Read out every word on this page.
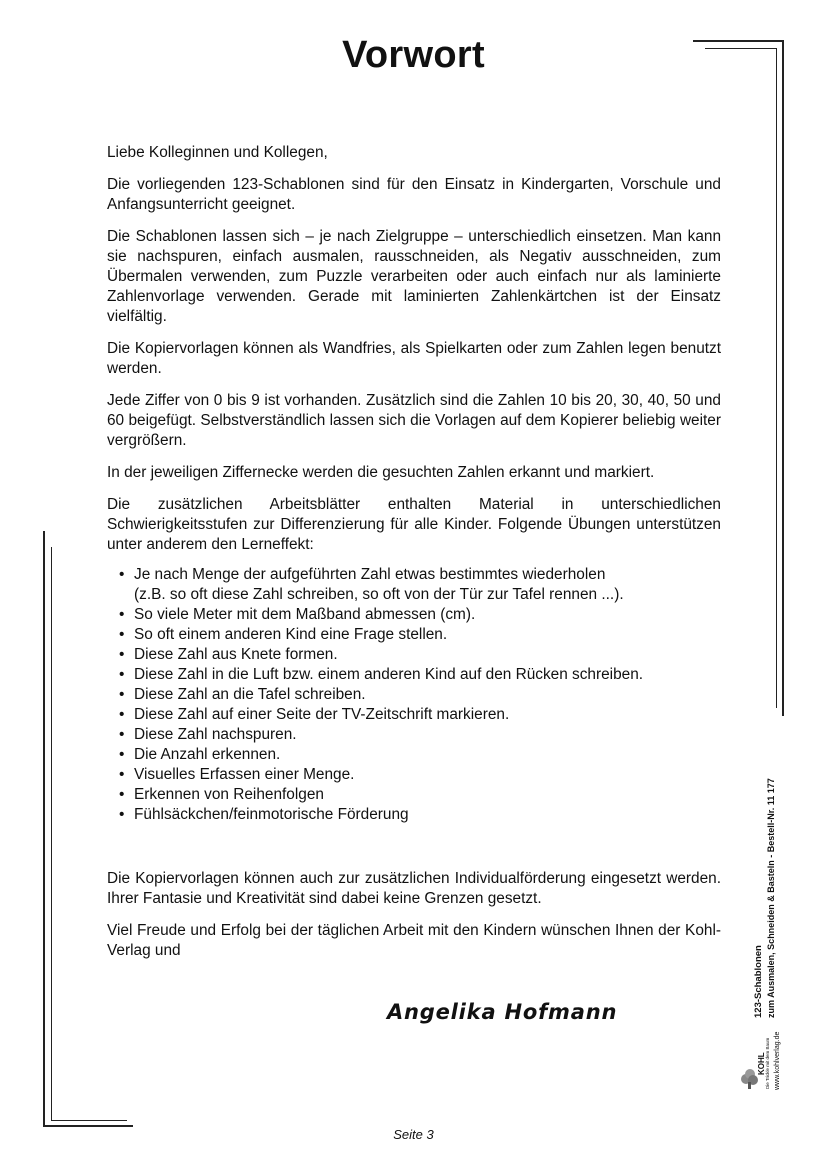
Vorwort

Liebe Kolleginnen und Kollegen,

Die vorliegenden 123-Schablonen sind für den Einsatz in Kindergarten, Vorschule und Anfangsunterricht geeignet.

Die Schablonen lassen sich – je nach Zielgruppe – unterschiedlich einsetzen. Man kann sie nachspuren, einfach ausmalen, rausschneiden, als Negativ ausschneiden, zum Übermalen verwenden, zum Puzzle verarbeiten oder auch einfach nur als laminierte Zahlenvorlage verwenden. Gerade mit laminierten Zahlenkärtchen ist der Einsatz vielfältig.

Die Kopiervorlagen können als Wandfries, als Spielkarten oder zum Zahlen legen benutzt werden.

Jede Ziffer von 0 bis 9 ist vorhanden. Zusätzlich sind die Zahlen 10 bis 20, 30, 40, 50 und 60 beigefügt. Selbstverständlich lassen sich die Vorlagen auf dem Kopierer beliebig weiter vergrößern.

In der jeweiligen Ziffernecke werden die gesuchten Zahlen erkannt und markiert.

Die zusätzlichen Arbeitsblätter enthalten Material in unterschiedlichen Schwierigkeitsstufen zur Differenzierung für alle Kinder. Folgende Übungen unterstützen unter anderem den Lerneffekt:

• Je nach Menge der aufgeführten Zahl etwas bestimmtes wiederholen
(z.B. so oft diese Zahl schreiben, so oft von der Tür zur Tafel rennen ...).
• So viele Meter mit dem Maßband abmessen (cm).
• So oft einem anderen Kind eine Frage stellen.
• Diese Zahl aus Knete formen.
• Diese Zahl in die Luft bzw. einem anderen Kind auf den Rücken schreiben.
• Diese Zahl an die Tafel schreiben.
• Diese Zahl auf einer Seite der TV-Zeitschrift markieren.
• Diese Zahl nachspuren.
• Die Anzahl erkennen.
• Visuelles Erfassen einer Menge.
• Erkennen von Reihenfolgen
• Fühlsäckchen/feinmotorische Förderung

Die Kopiervorlagen können auch zur zusätzlichen Individualförderung eingesetzt werden. Ihrer Fantasie und Kreativität sind dabei keine Grenzen gesetzt.

Viel Freude und Erfolg bei der täglichen Arbeit mit den Kindern wünschen Ihnen der Kohl-Verlag und

Angelika Hofmann	123-Schablonen zum Ausmalen, Schneiden & Basteln - Bestell-Nr. 11 177
KOHL Die Trickle mit dem Baum www.kohlverlag.de
Seite 3
